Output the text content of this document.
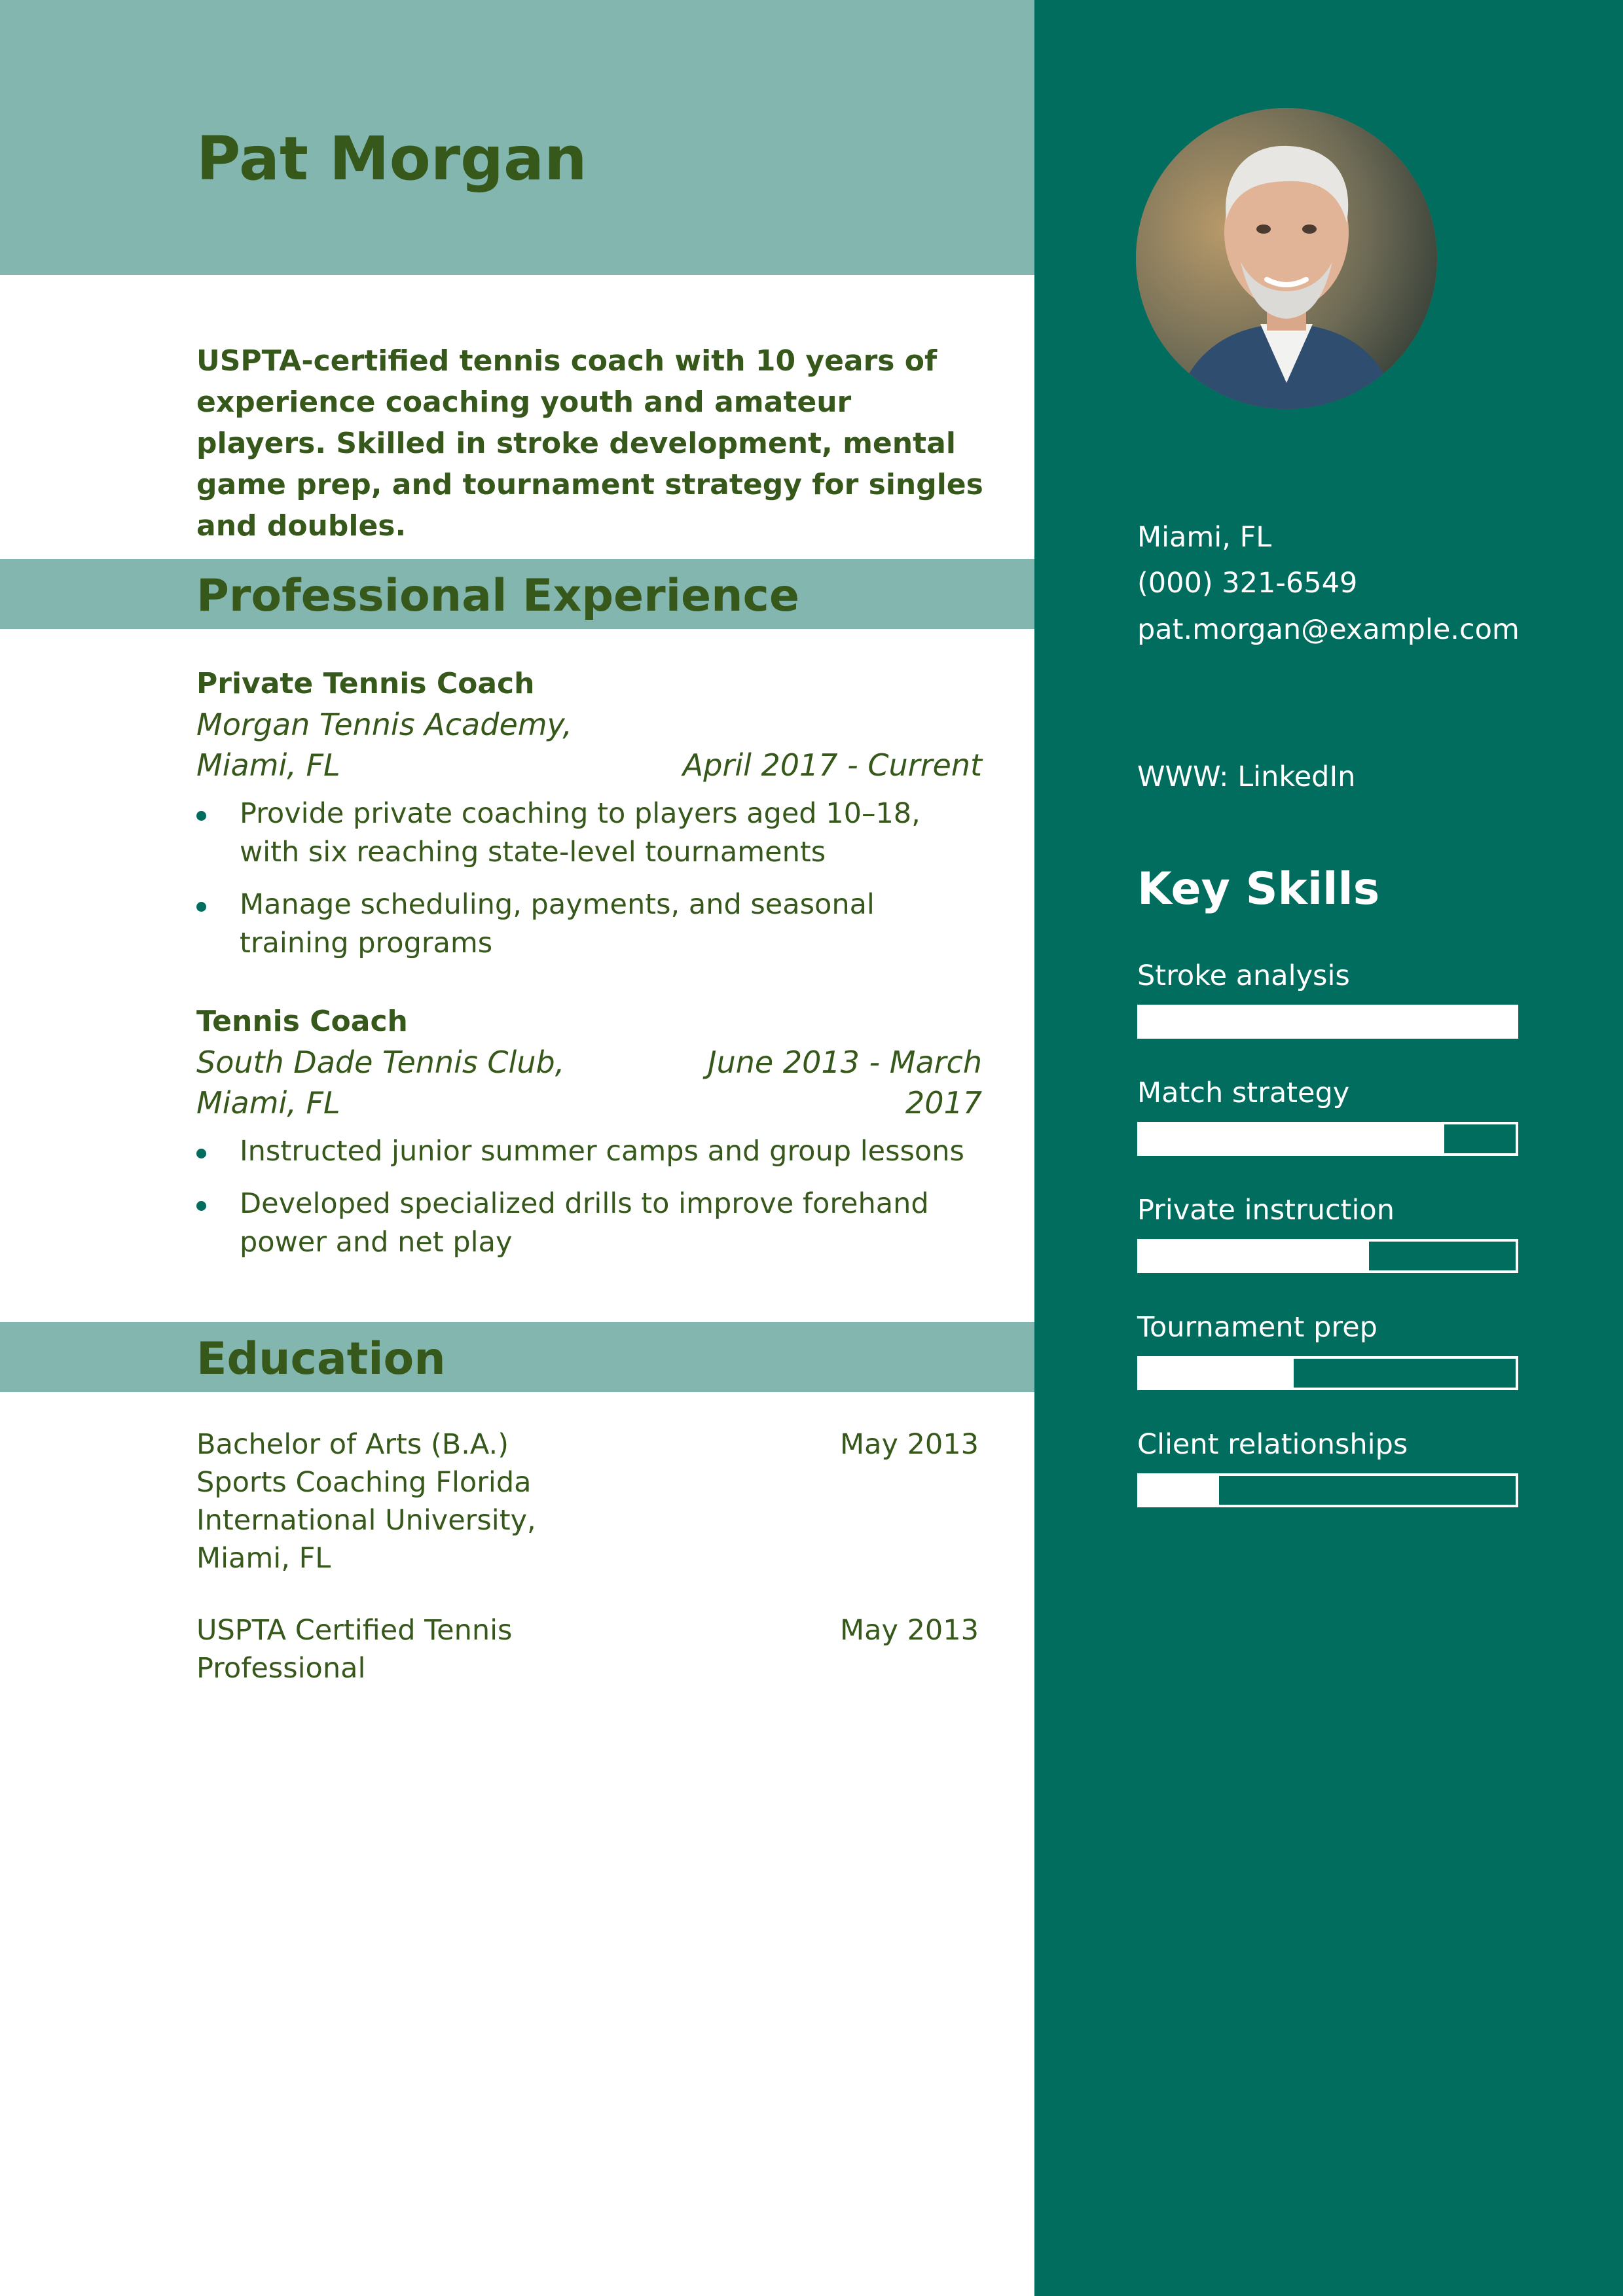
Pat Morgan

USPTA-certified tennis coach with 10 years of experience coaching youth and amateur players. Skilled in stroke development, mental game prep, and tournament strategy for singles and doubles.

Professional Experience
Private Tennis Coach
Morgan Tennis Academy, Miami, FL	April 2017 - Current
Provide private coaching to players aged 10–18, with six reaching state-level tournaments
Manage scheduling, payments, and seasonal training programs
Tennis Coach
South Dade Tennis Club, Miami, FL
June 2013 - March 2017
Instructed junior summer camps and group lessons
Developed specialized drills to improve forehand power and net play
Education
Bachelor of Arts (B.A.) Sports Coaching Florida International University, Miami, FL
May 2013
USPTA Certified Tennis Professional
May 2013
Miami, FL
(000) 321-6549
pat.morgan@example.com
WWW: LinkedIn
Key Skills
Stroke analysis
Match strategy
Private instruction
Tournament prep
Client relationships
